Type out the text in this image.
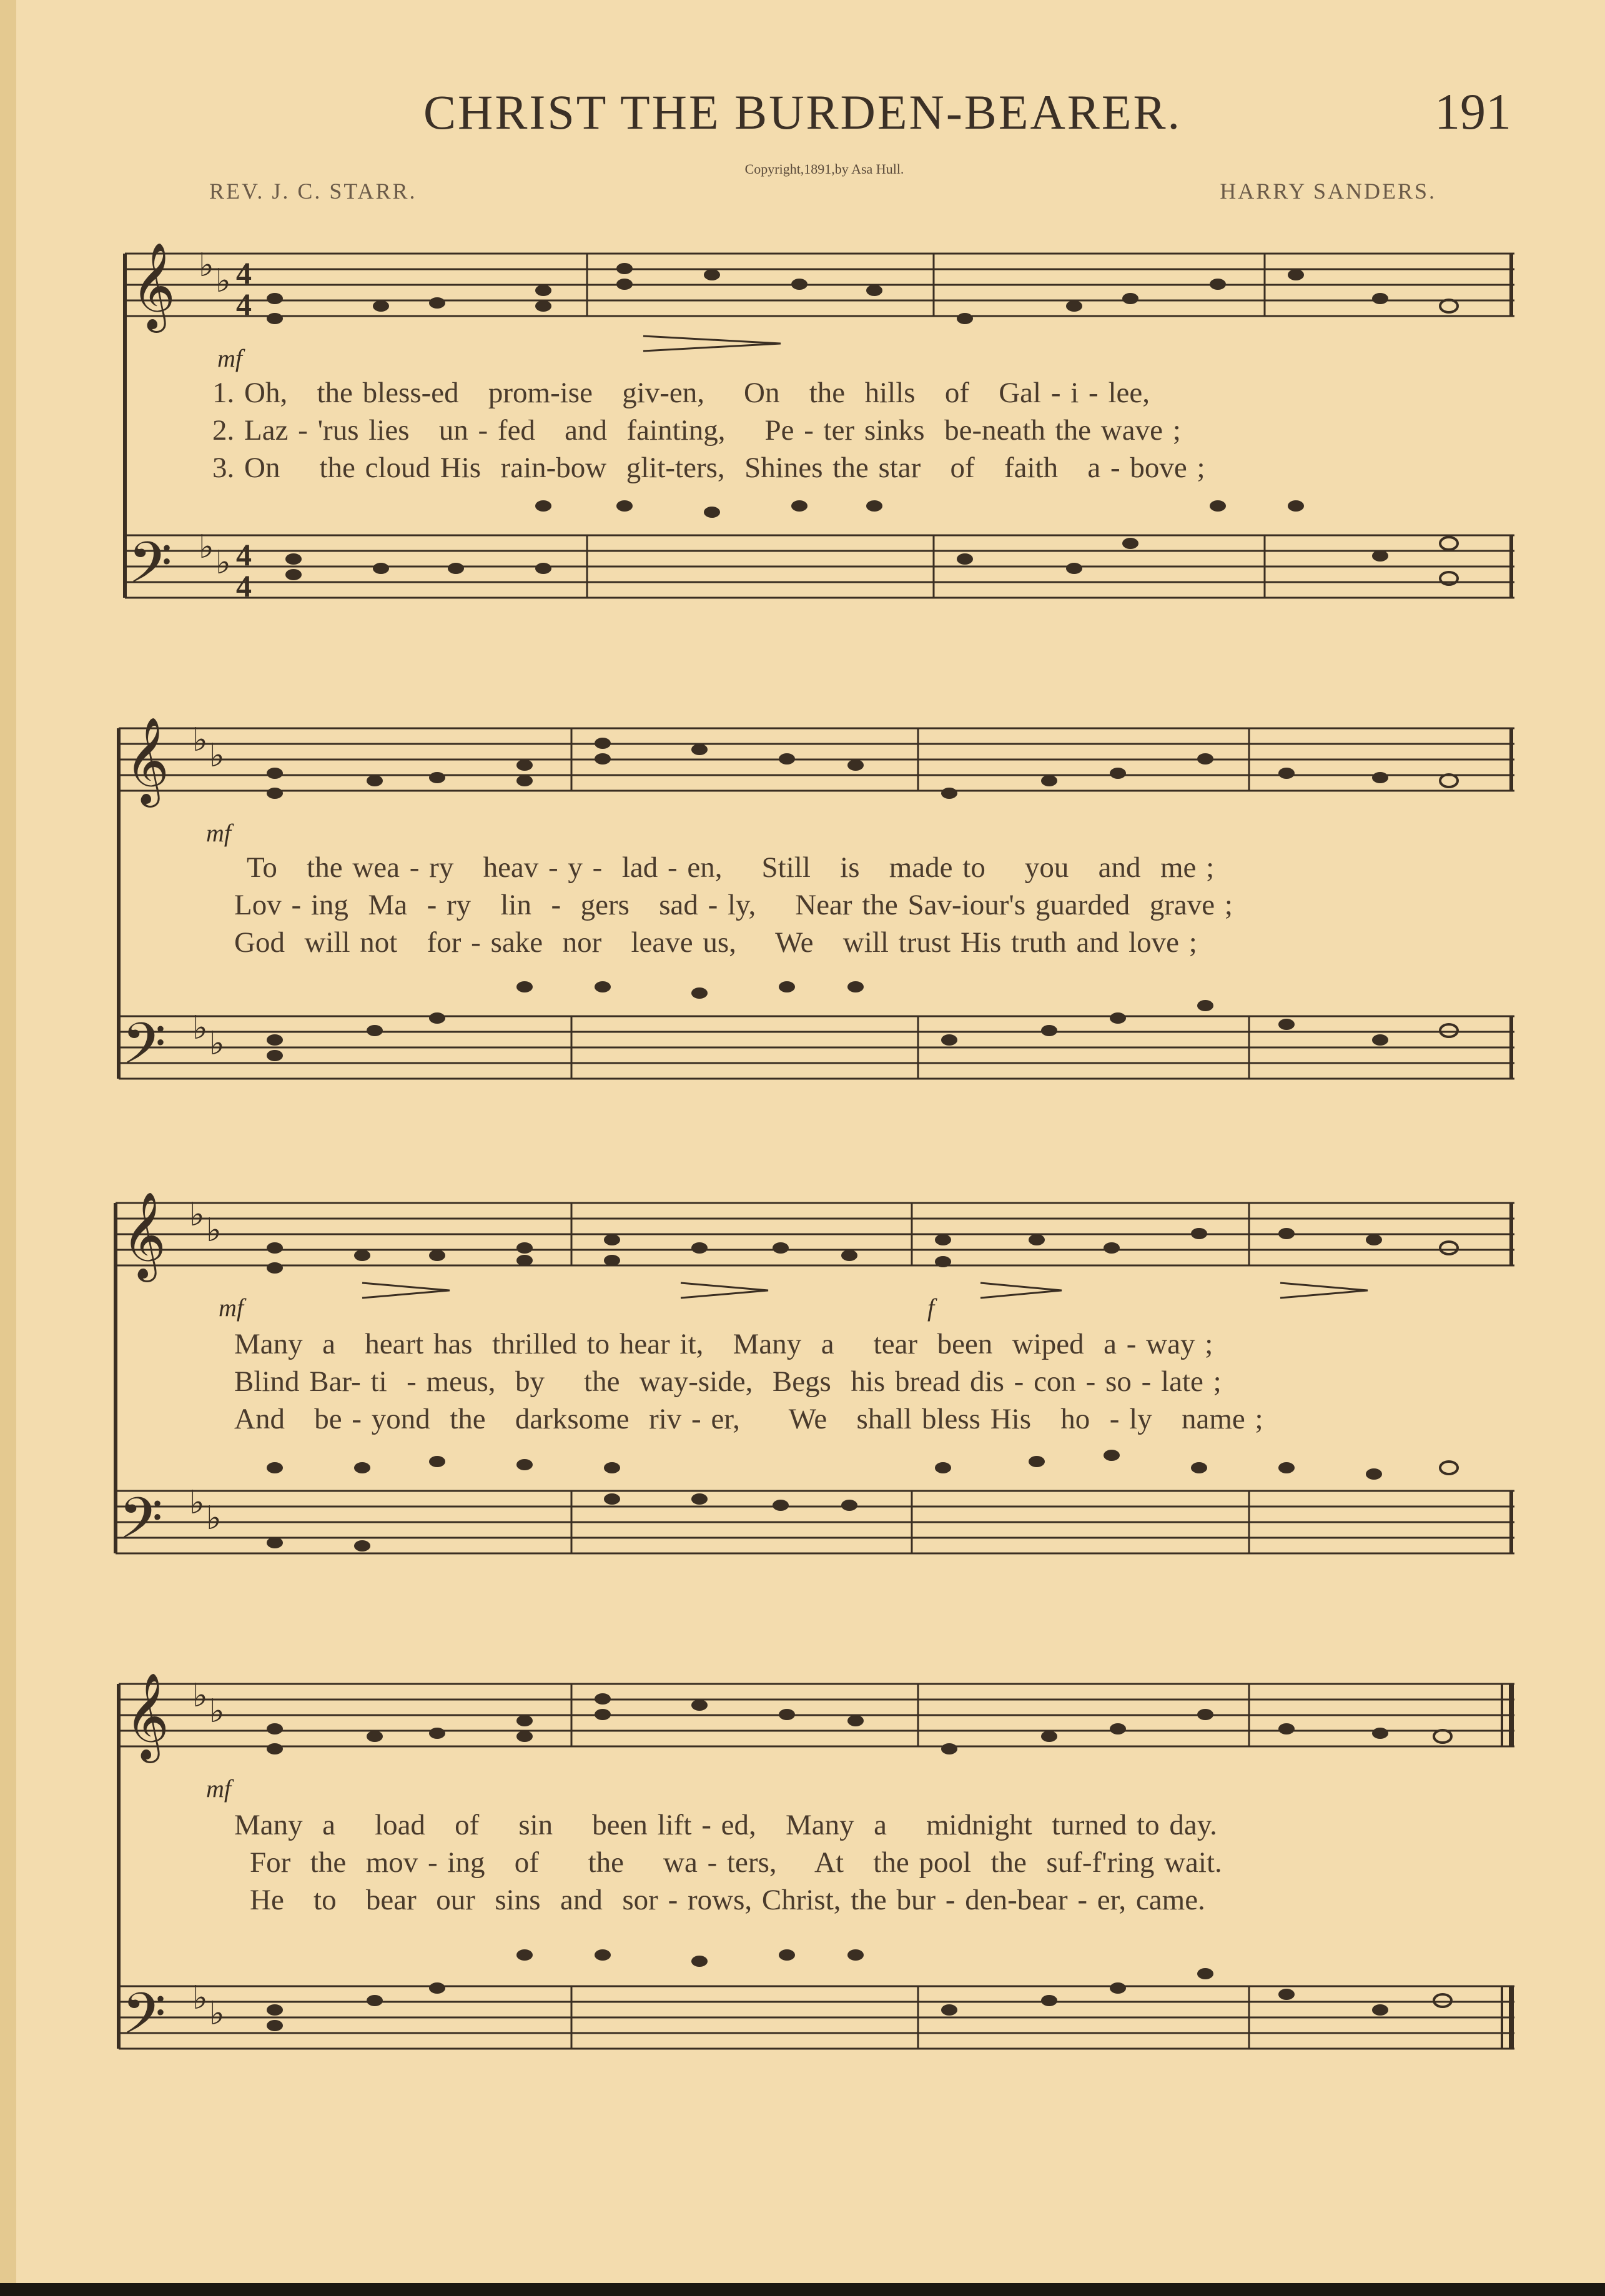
CHRIST THE BURDEN-BEARER.	191
Copyright,1891,by Asa Hull.
REV. J. C. STARR.	HARRY SANDERS.
𝄞
𝄢
♭ ♭
♭ ♭
4
4
4
4
mf
1. Oh,   the bless-ed   prom-ise   giv-en,    On   the  hills   of   Gal - i - lee,
2. Laz - 'rus lies   un - fed   and  fainting,    Pe - ter sinks  be-neath the wave ;
3. On    the cloud His  rain-bow  glit-ters,  Shines the star   of   faith   a - bove ;
𝄞
𝄢
♭ ♭
♭ ♭
mf
To   the wea - ry   heav - y -  lad - en,    Still   is   made to    you   and  me ;
Lov - ing  Ma  - ry   lin  -  gers   sad - ly,    Near the Sav-iour's guarded  grave ;
God  will not   for - sake  nor   leave us,    We   will trust His truth and love ;
𝄞
𝄢
♭ ♭
♭ ♭
mf	f
Many  a   heart has  thrilled to hear it,   Many  a    tear  been  wiped  a - way ;
Blind Bar- ti  - meus,  by    the  way-side,  Begs  his bread dis - con - so - late ;
And   be - yond  the   darksome  riv - er,     We   shall bless His   ho  - ly   name ;
𝄞
𝄢
♭ ♭
♭ ♭
mf
Many  a    load   of    sin    been lift - ed,   Many  a    midnight  turned to day.
For  the  mov - ing   of     the    wa - ters,    At   the pool  the  suf-f'ring wait.
He   to   bear  our  sins  and  sor - rows, Christ, the bur - den-bear - er, came.
